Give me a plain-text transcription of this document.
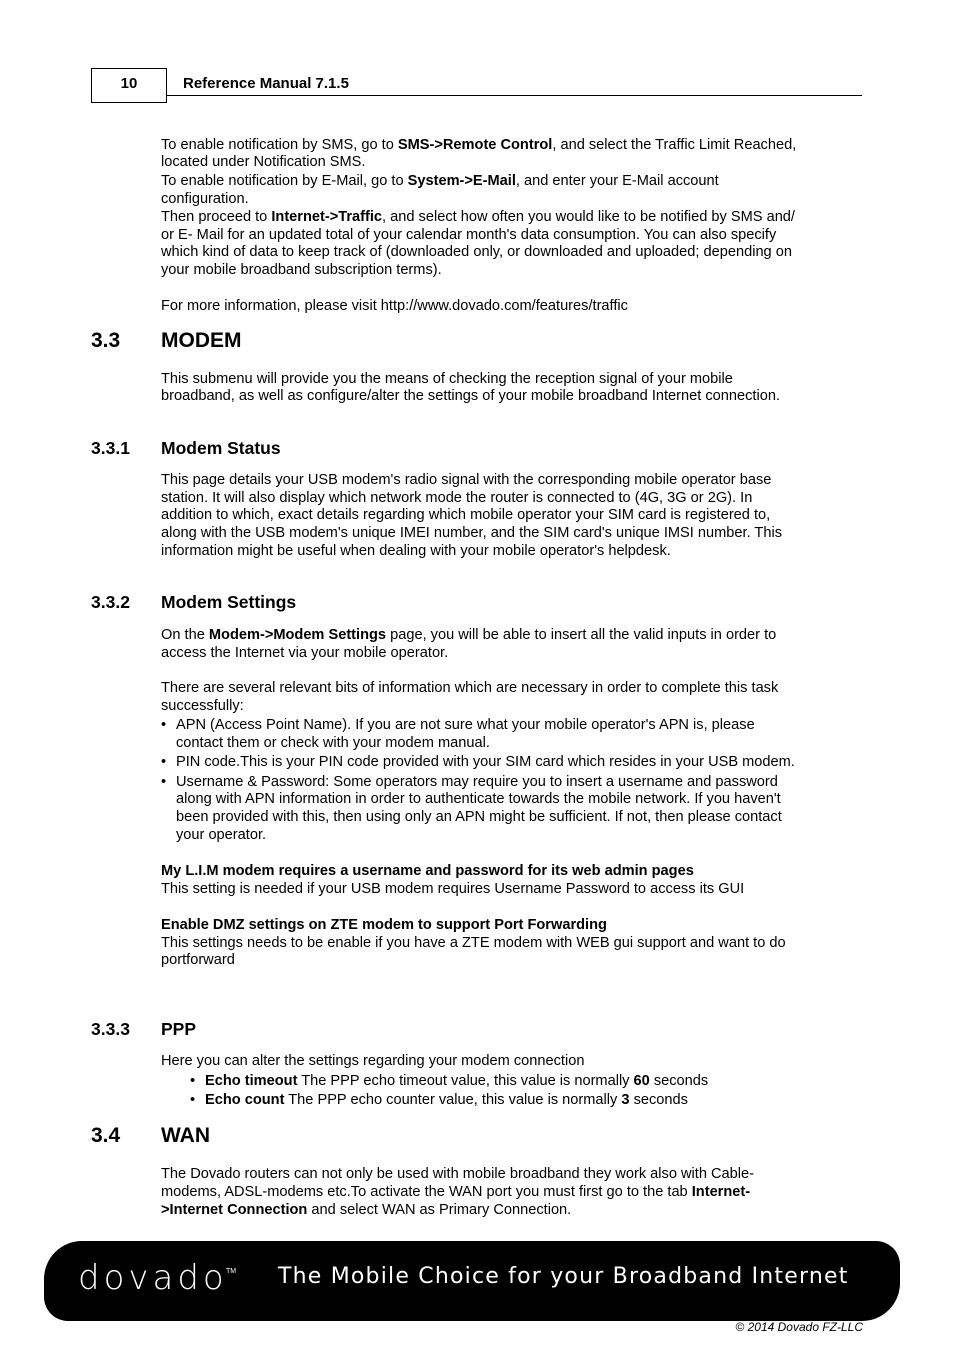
10	Reference Manual 7.1.5
To enable notification by SMS, go to SMS->Remote Control, and select the Traffic Limit Reached,
located under Notification SMS.
To enable notification by E-Mail, go to System->E-Mail, and enter your E-Mail account
configuration.
Then proceed to Internet->Traffic, and select how often you would like to be notified by SMS and/
or E- Mail for an updated total of your calendar month's data consumption. You can also specify
which kind of data to keep track of (downloaded only, or downloaded and uploaded; depending on
your mobile broadband subscription terms).
For more information, please visit http://www.dovado.com/features/traffic
3.3 MODEM
This submenu will provide you the means of checking the reception signal of your mobile
broadband, as well as configure/alter the settings of your mobile broadband Internet connection.
3.3.1 Modem Status
This page details your USB modem's radio signal with the corresponding mobile operator base
station. It will also display which network mode the router is connected to (4G, 3G or 2G). In
addition to which, exact details regarding which mobile operator your SIM card is registered to,
along with the USB modem's unique IMEI number, and the SIM card's unique IMSI number. This
information might be useful when dealing with your mobile operator's helpdesk.
3.3.2 Modem Settings
On the Modem->Modem Settings page, you will be able to insert all the valid inputs in order to
access the Internet via your mobile operator.
There are several relevant bits of information which are necessary in order to complete this task
successfully:
• APN (Access Point Name). If you are not sure what your mobile operator's APN is, please
contact them or check with your modem manual.
• PIN code.This is your PIN code provided with your SIM card which resides in your USB modem.
• Username & Password: Some operators may require you to insert a username and password
along with APN information in order to authenticate towards the mobile network. If you haven't
been provided with this, then using only an APN might be sufficient. If not, then please contact
your operator.
My L.I.M modem requires a username and password for its web admin pages
This setting is needed if your USB modem requires Username Password to access its GUI
Enable DMZ settings on ZTE modem to support Port Forwarding
This settings needs to be enable if you have a ZTE modem with WEB gui support and want to do
portforward
3.3.3 PPP
Here you can alter the settings regarding your modem connection
• Echo timeout The PPP echo timeout value, this value is normally 60 seconds
• Echo count The PPP echo counter value, this value is normally 3 seconds
3.4 WAN
The Dovado routers can not only be used with mobile broadband they work also with Cable-
modems, ADSL-modems etc.To activate the WAN port you must first go to the tab Internet-
>Internet Connection and select WAN as Primary Connection.
dovado
TM The Mobile Choice for your Broadband Internet
© 2014 Dovado FZ-LLC
